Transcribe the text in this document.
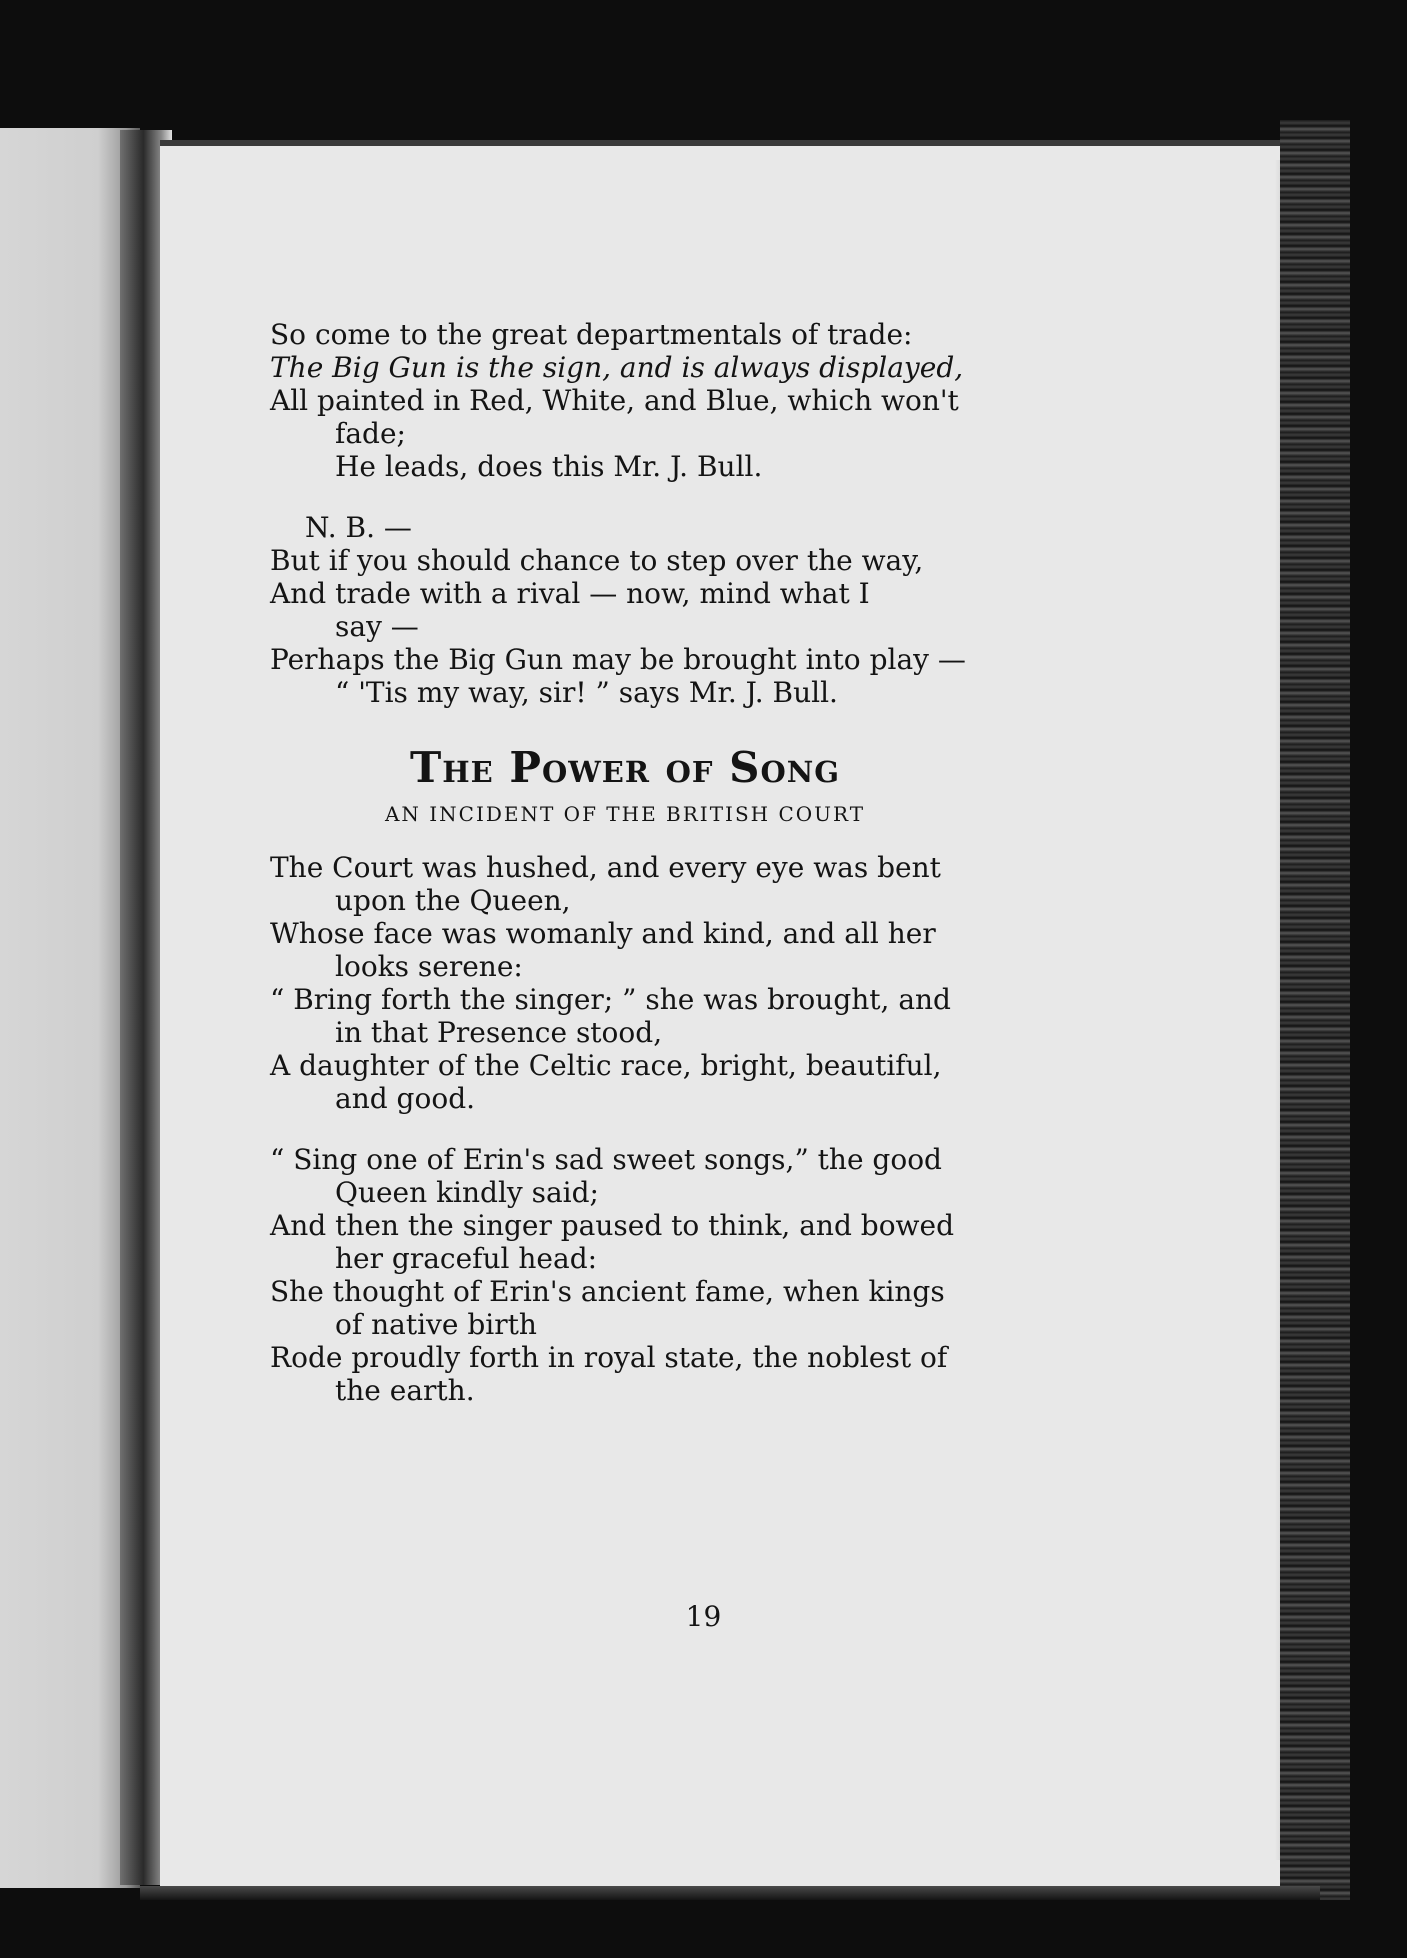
So come to the great departmentals of trade:
The Big Gun is the sign, and is always displayed,
All painted in Red, White, and Blue, which won't
fade;
He leads, does this Mr. J. Bull.
N. B. —
But if you should chance to step over the way,
And trade with a rival — now, mind what I
say —
Perhaps the Big Gun may be brought into play —
“ 'Tis my way, sir! ” says Mr. J. Bull.
The Power of Song
AN INCIDENT OF THE BRITISH COURT
The Court was hushed, and every eye was bent
upon the Queen,
Whose face was womanly and kind, and all her
looks serene:
“ Bring forth the singer; ” she was brought, and
in that Presence stood,
A daughter of the Celtic race, bright, beautiful,
and good.
“ Sing one of Erin's sad sweet songs,” the good
Queen kindly said;
And then the singer paused to think, and bowed
her graceful head:
She thought of Erin's ancient fame, when kings
of native birth
Rode proudly forth in royal state, the noblest of
the earth.
19
